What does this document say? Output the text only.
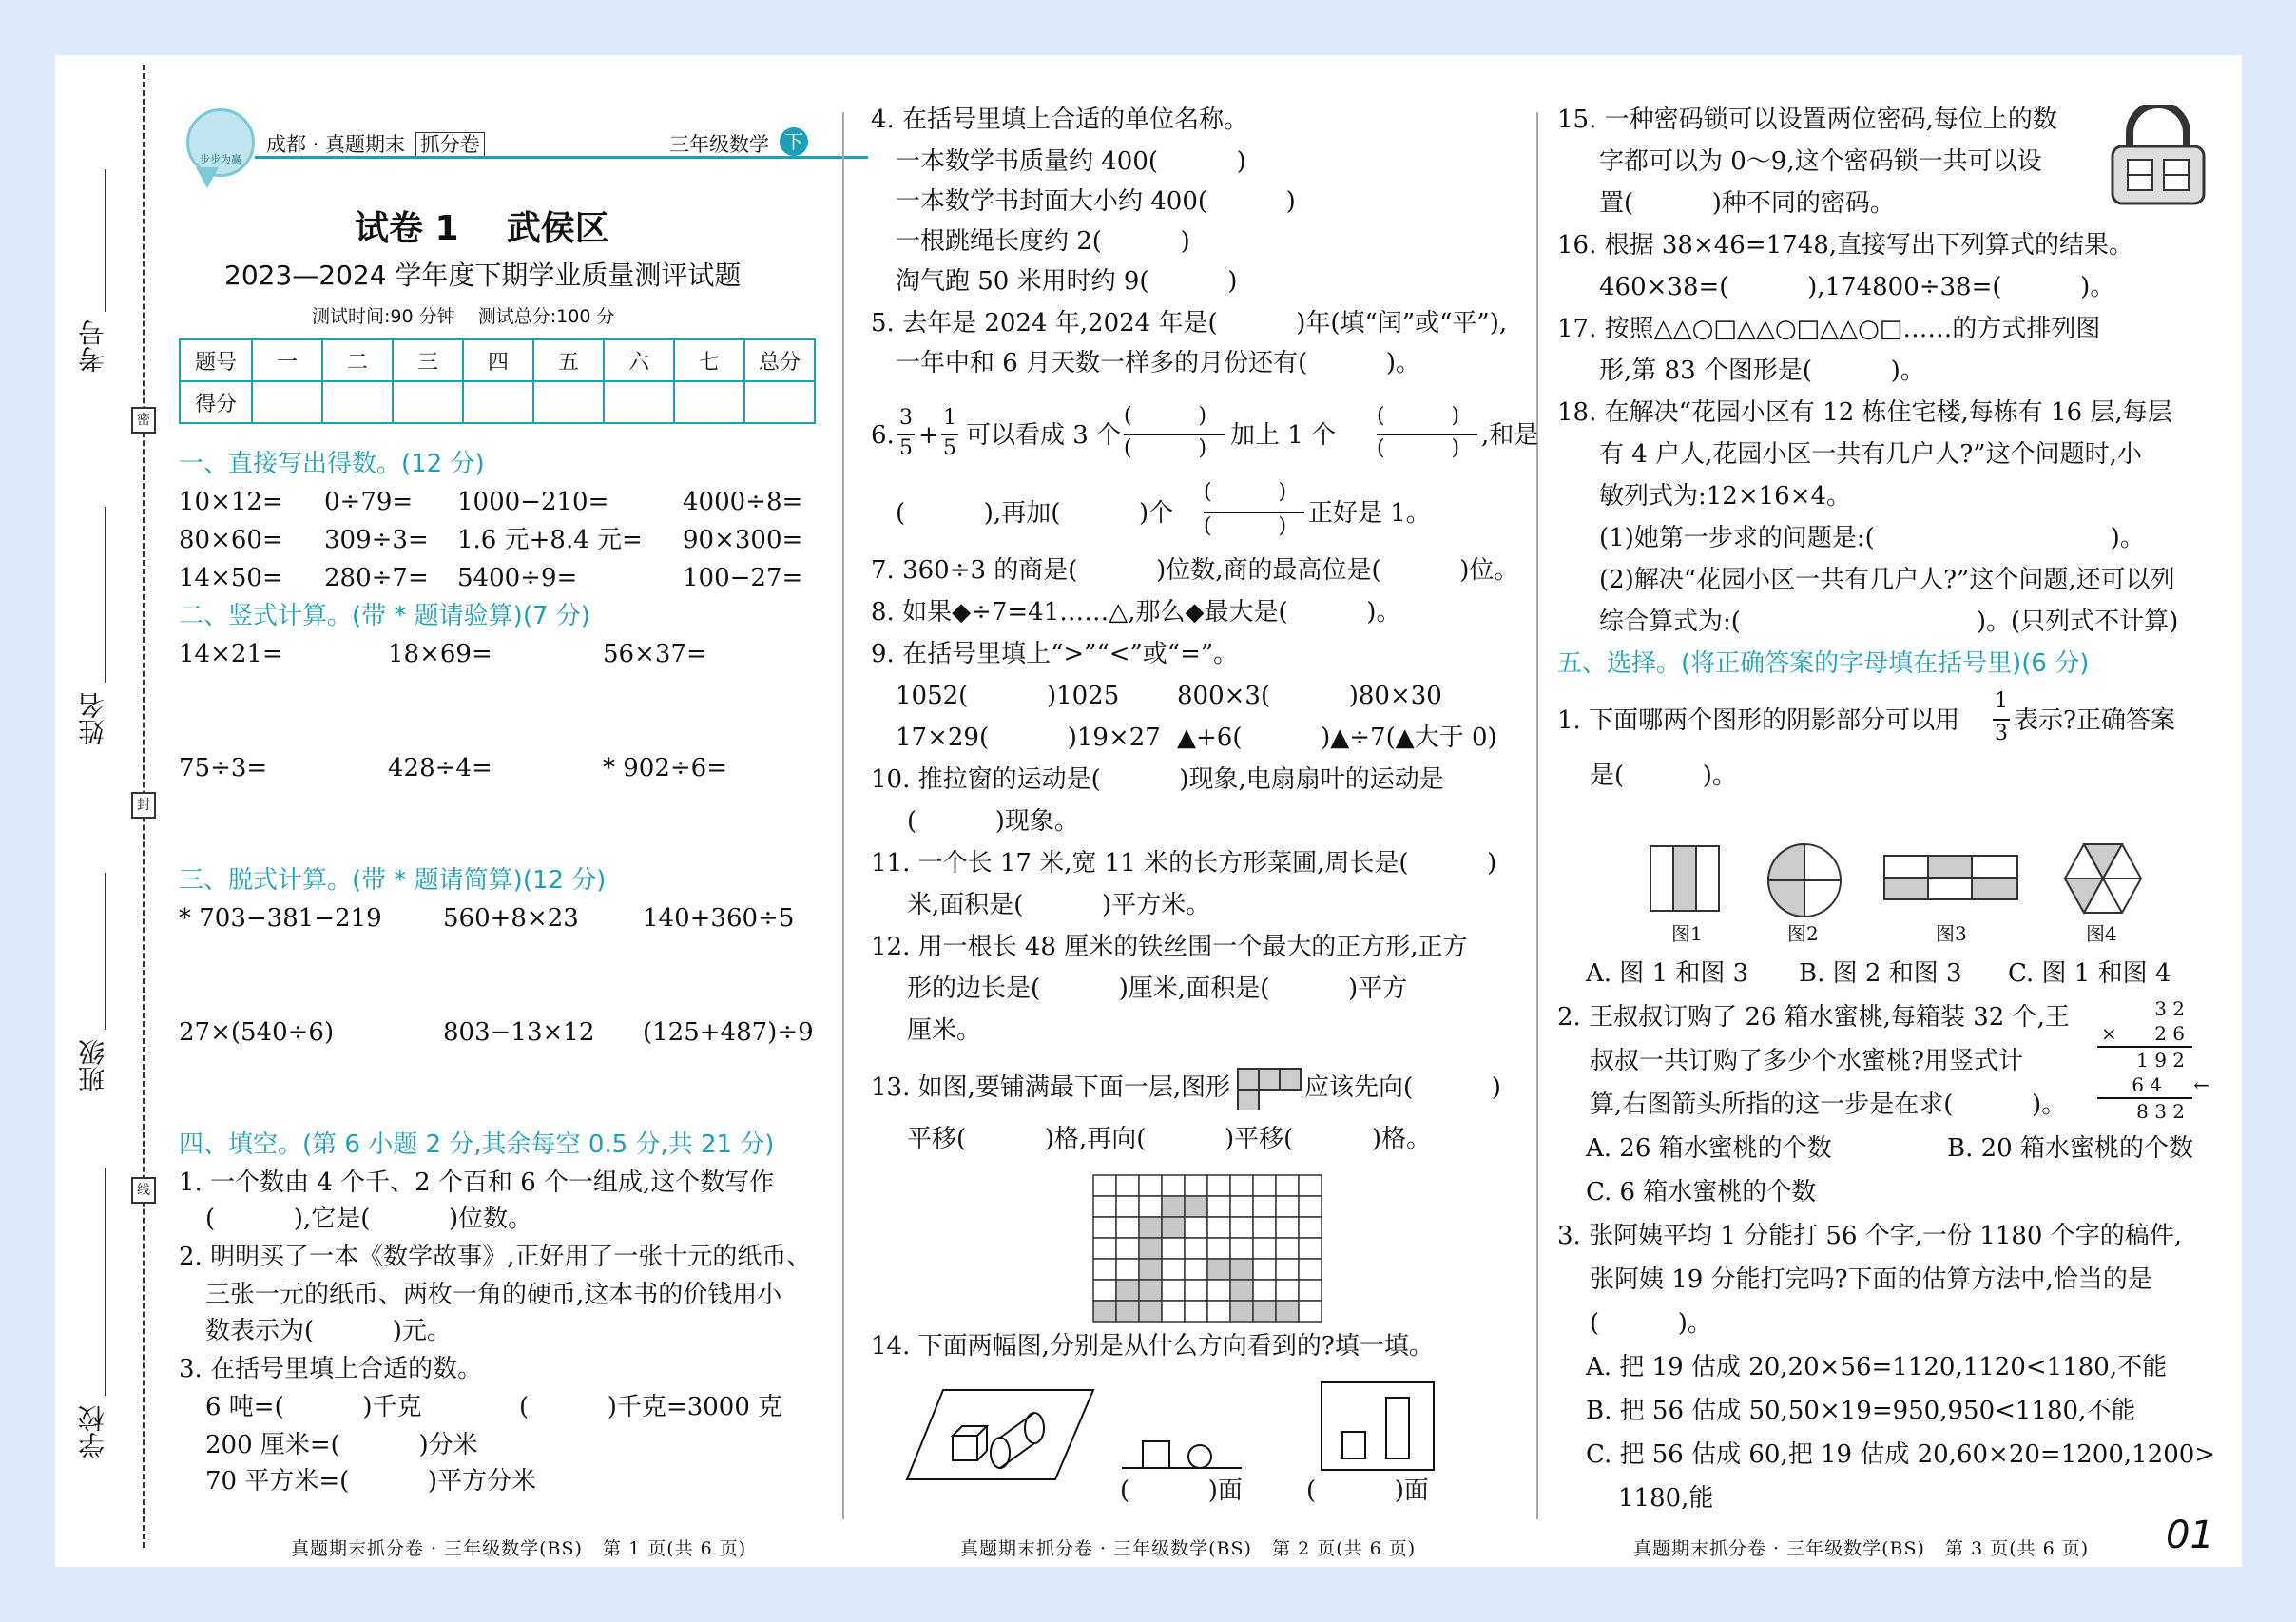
考号
姓名
班级
学校
密
封
线
步步为赢
成都 · 真题期末 抓分卷	三年级数学 下
试卷 1    武侯区
2023—2024 学年度下期学业质量测评试题
测试时间:90 分钟    测试总分:100 分
题号	一	二	三	四	五	六	七	总分
得分								
一、直接写出得数。(12 分)
10×12= 0÷79= 1000−210=	4000÷8=
80×60= 309÷3= 1.6 元+8.4 元= 90×300=
14×50= 280÷7= 5400÷9=	100−27=
二、竖式计算。(带 * 题请验算)(7 分)
14×21=	18×69=	56×37=
75÷3=	428÷4=	* 902÷6=
三、脱式计算。(带 * 题请简算)(12 分)
* 703−381−219 560+8×23	140+360÷5
27×(540÷6)	803−13×12 (125+487)÷9
四、填空。(第 6 小题 2 分,其余每空 0.5 分,共 21 分)
1. 一个数由 4 个千、2 个百和 6 个一组成,这个数写作
(          ),它是(          )位数。
2. 明明买了一本《数学故事》,正好用了一张十元的纸币、
三张一元的纸币、两枚一角的硬币,这本书的价钱用小
数表示为(          )元。
3. 在括号里填上合适的数。
6 吨=(          )千克	(          )千克=3000 克
200 厘米=(          )分米
70 平方米=(          )平方分米
4. 在括号里填上合适的单位名称。
一本数学书质量约 400(          )
一本数学书封面大小约 400(          )
一根跳绳长度约 2(          )
淘气跑 50 米用时约 9(          )
5. 去年是 2024 年,2024 年是(          )年(填“闰”或“平”),
一年中和 6 月天数一样多的月份还有(          )。
6.
3
5 +
1
5 可以看成 3 个
(          )
(          ) 加上 1 个
(          )
(          ) ,和是
(          ),再加(          )个
(          )
(          ) 正好是 1。
7. 360÷3 的商是(          )位数,商的最高位是(          )位。
8. 如果◆÷7=41……△,那么◆最大是(          )。
9. 在括号里填上“>”“<”或“=”。
1052(          )1025 800×3(          )80×30
17×29(          )19×27 ▲+6(          )▲÷7(▲大于 0)
10. 推拉窗的运动是(          )现象,电扇扇叶的运动是
(          )现象。
11. 一个长 17 米,宽 11 米的长方形菜圃,周长是(          )
米,面积是(          )平方米。
12. 用一根长 48 厘米的铁丝围一个最大的正方形,正方
形的边长是(          )厘米,面积是(          )平方
厘米。
13. 如图,要铺满最下面一层,图形	应该先向(          )
平移(          )格,再向(          )平移(          )格。
14. 下面两幅图,分别是从什么方向看到的?填一填。
(          )面	(          )面
15. 一种密码锁可以设置两位密码,每位上的数
字都可以为 0～9,这个密码锁一共可以设
置(          )种不同的密码。
16. 根据 38×46=1748,直接写出下列算式的结果。
460×38=(          ),174800÷38=(          )。
17. 按照△△○□△△○□△△○□……的方式排列图
形,第 83 个图形是(          )。
18. 在解决“花园小区有 12 栋住宅楼,每栋有 16 层,每层
有 4 户人,花园小区一共有几户人?”这个问题时,小
敏列式为:12×16×4。
(1)她第一步求的问题是:(                              )。
(2)解决“花园小区一共有几户人?”这个问题,还可以列
综合算式为:(                              )。(只列式不计算)
五、选择。(将正确答案的字母填在括号里)(6 分)
1. 下面哪两个图形的阴影部分可以用
1
3 表示?正确答案
是(          )。
图1	图2	图3	图4
A. 图 1 和图 3 B. 图 2 和图 3 C. 图 1 和图 4
2. 王叔叔订购了 26 箱水蜜桃,每箱装 32 个,王
叔叔一共订购了多少个水蜜桃?用竖式计
算,右图箭头所指的这一步是在求(          )。
3 2
× 2 6
1 9 2
6 4 ←
8 3 2
A. 26 箱水蜜桃的个数	B. 20 箱水蜜桃的个数
C. 6 箱水蜜桃的个数
3. 张阿姨平均 1 分能打 56 个字,一份 1180 个字的稿件,
张阿姨 19 分能打完吗?下面的估算方法中,恰当的是
(          )。
A. 把 19 估成 20,20×56=1120,1120<1180,不能
B. 把 56 估成 50,50×19=950,950<1180,不能
C. 把 56 估成 60,把 19 估成 20,60×20=1200,1200>
1180,能
真题期末抓分卷 · 三年级数学(BS)   第 1 页(共 6 页)	真题期末抓分卷 · 三年级数学(BS)   第 2 页(共 6 页)	真题期末抓分卷 · 三年级数学(BS)   第 3 页(共 6 页) 01
